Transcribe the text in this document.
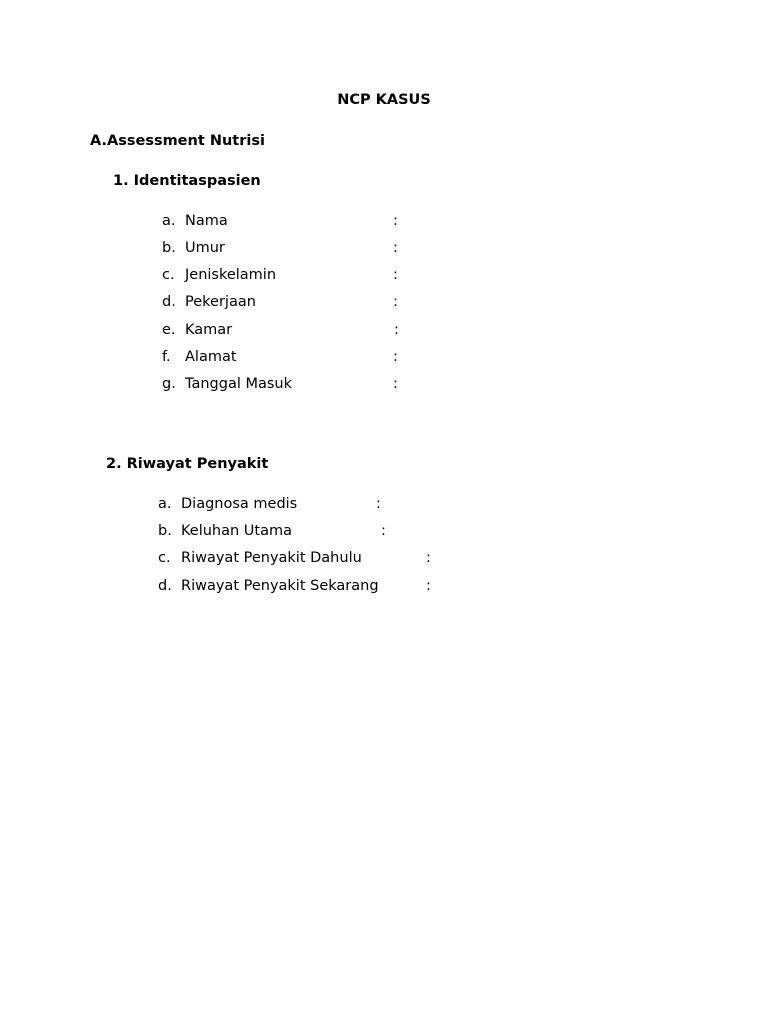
NCP KASUS
A.Assessment Nutrisi
1. Identitaspasien
a. Nama	:
b. Umur	:
c. Jeniskelamin	:
d. Pekerjaan	:
e. Kamar	:
f. Alamat	:
g. Tanggal Masuk	:
2. Riwayat Penyakit
a. Diagnosa medis	:
b. Keluhan Utama	:
c. Riwayat Penyakit Dahulu	:
d. Riwayat Penyakit Sekarang	:
